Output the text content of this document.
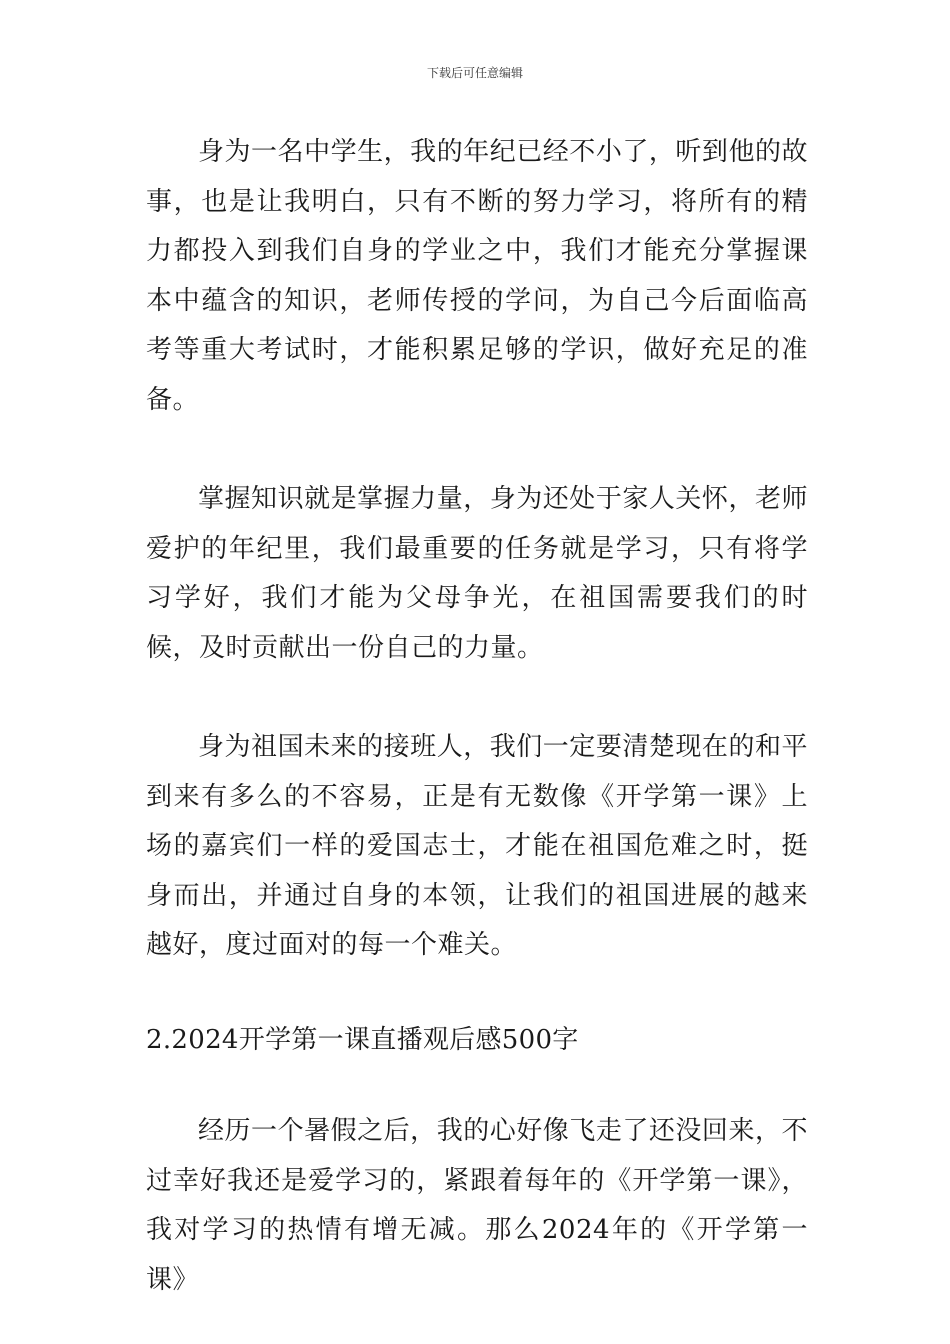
下载后可任意编辑

身为一名中学生，我的年纪已经不小了，听到他的故事，也是让我明白，只有不断的努力学习，将所有的精力都投入到我们自身的学业之中，我们才能充分掌握课本中蕴含的知识，老师传授的学问，为自己今后面临高考等重大考试时，才能积累足够的学识，做好充足的准备。

掌握知识就是掌握力量，身为还处于家人关怀，老师爱护的年纪里，我们最重要的任务就是学习，只有将学习学好，我们才能为父母争光，在祖国需要我们的时候，及时贡献出一份自己的力量。

身为祖国未来的接班人，我们一定要清楚现在的和平到来有多么的不容易，正是有无数像《开学第一课》上场的嘉宾们一样的爱国志士，才能在祖国危难之时，挺身而出，并通过自身的本领，让我们的祖国进展的越来越好，度过面对的每一个难关。

2.2024开学第一课直播观后感500字

经历一个暑假之后，我的心好像飞走了还没回来，不过幸好我还是爱学习的，紧跟着每年的《开学第一课》，我对学习的热情有增无减。那么2024年的《开学第一课》
